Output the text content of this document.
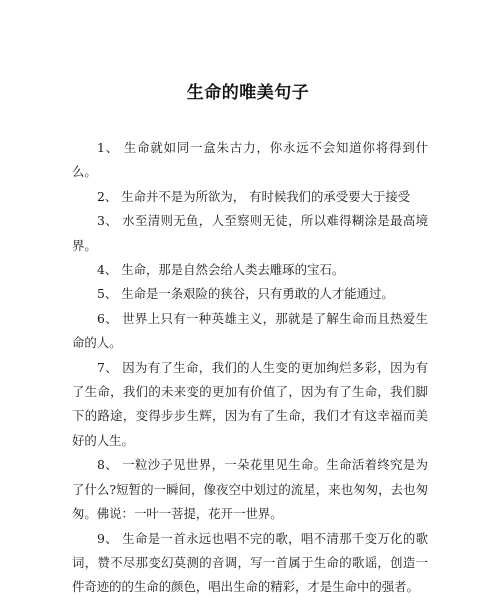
生命的唯美句子

1、 生命就如同一盒朱古力，你永远不会知道你将得到什么。

2、 生命并不是为所欲为， 有时候我们的承受要大于接受

3、 水至清则无鱼，人至察则无徒，所以难得糊涂是最高境界。

4、 生命，那是自然会给人类去雕琢的宝石。

5、 生命是一条艰险的狭谷，只有勇敢的人才能通过。

6、 世界上只有一种英雄主义，那就是了解生命而且热爱生命的人。

7、 因为有了生命，我们的人生变的更加绚烂多彩，因为有了生命，我们的未来变的更加有价值了，因为有了生命，我们脚下的路途，变得步步生辉，因为有了生命，我们才有这幸福而美好的人生。

8、 一粒沙子见世界，一朵花里见生命。生命活着终究是为了什么?短暂的一瞬间，像夜空中划过的流星，来也匆匆，去也匆匆。佛说：一叶一菩提，花开一世界。

9、 生命是一首永远也唱不完的歌，唱不清那千变万化的歌词，赞不尽那变幻莫测的音调，写一首属于生命的歌谣，创造一件奇迹的的生命的颜色，唱出生命的精彩，才是生命中的强者。
